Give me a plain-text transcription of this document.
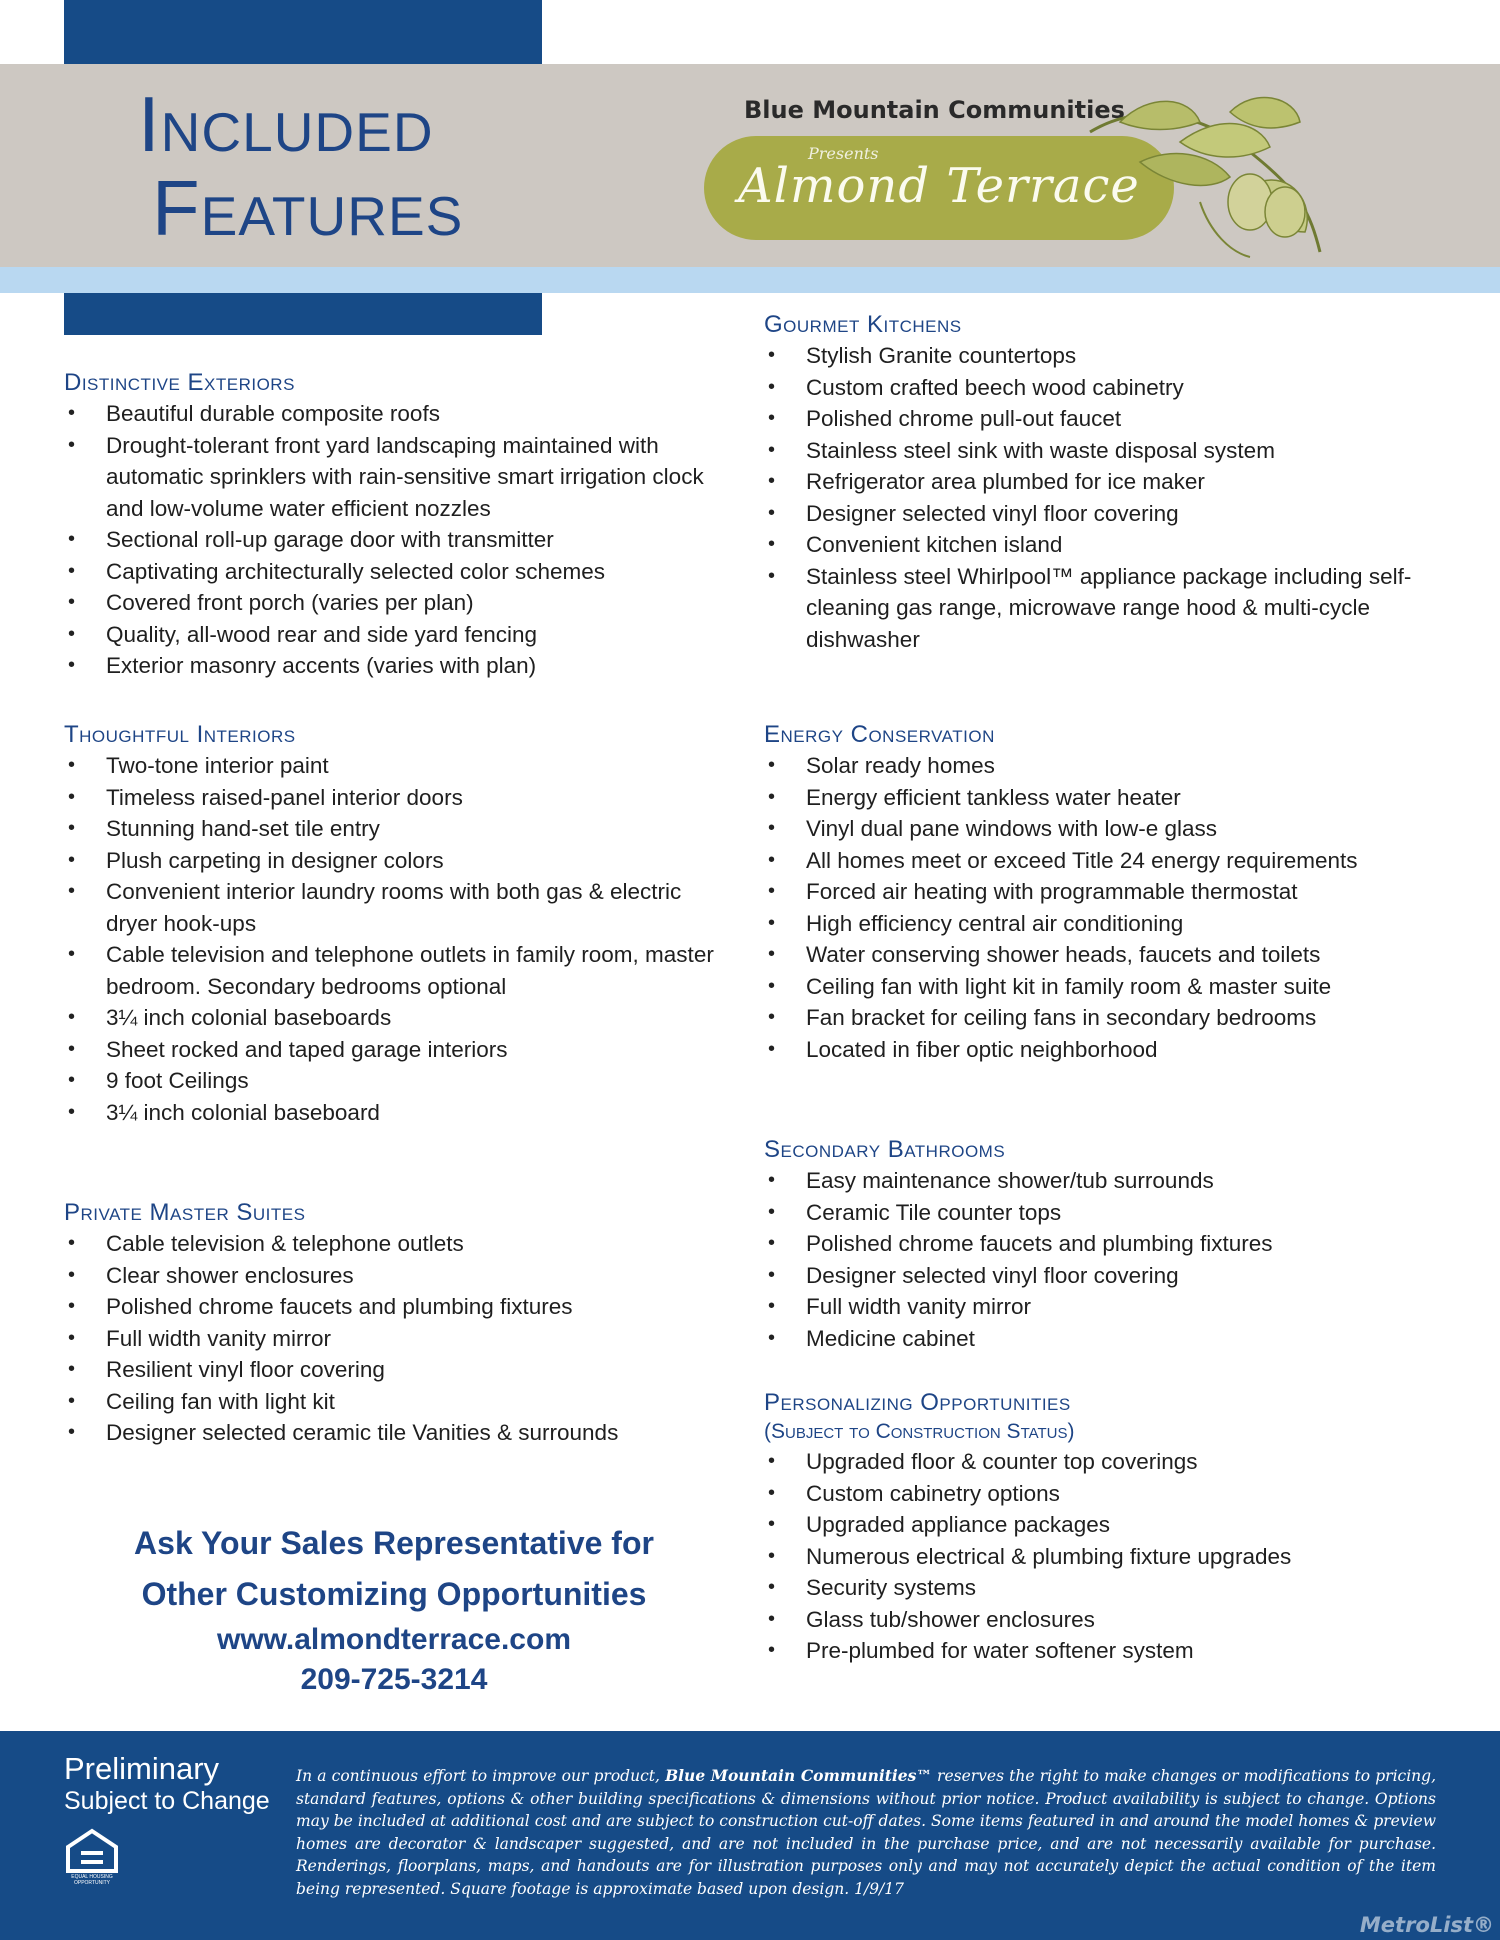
Included
Features
Blue Mountain Communities
Presents
Almond Terrace
Distinctive Exteriors
• Beautiful durable composite roofs
• Drought-tolerant front yard landscaping maintained with automatic sprinklers with rain-sensitive smart irrigation clock and low-volume water efficient nozzles
• Sectional roll-up garage door with transmitter
• Captivating architecturally selected color schemes
• Covered front porch (varies per plan)
• Quality, all-wood rear and side yard fencing
• Exterior masonry accents (varies with plan)
Thoughtful Interiors
• Two-tone interior paint
• Timeless raised-panel interior doors
• Stunning hand-set tile entry
• Plush carpeting in designer colors
• Convenient interior laundry rooms with both gas & electric dryer hook-ups
• Cable television and telephone outlets in family room, master bedroom. Secondary bedrooms optional
• 3¼ inch colonial baseboards
• Sheet rocked and taped garage interiors
• 9 foot Ceilings
• 3¼ inch colonial baseboard
Private Master Suites
• Cable television & telephone outlets
• Clear shower enclosures
• Polished chrome faucets and plumbing fixtures
• Full width vanity mirror
• Resilient vinyl floor covering
• Ceiling fan with light kit
• Designer selected ceramic tile Vanities & surrounds
Ask Your Sales Representative for
Other Customizing Opportunities
www.almondterrace.com
209-725-3214
Gourmet Kitchens
• Stylish Granite countertops
• Custom crafted beech wood cabinetry
• Polished chrome pull-out faucet
• Stainless steel sink with waste disposal system
• Refrigerator area plumbed for ice maker
• Designer selected vinyl floor covering
• Convenient kitchen island
• Stainless steel Whirlpool™ appliance package including self-cleaning gas range, microwave range hood & multi-cycle dishwasher
Energy Conservation
• Solar ready homes
• Energy efficient tankless water heater
• Vinyl dual pane windows with low-e glass
• All homes meet or exceed Title 24 energy requirements
• Forced air heating with programmable thermostat
• High efficiency central air conditioning
• Water conserving shower heads, faucets and toilets
• Ceiling fan with light kit in family room & master suite
• Fan bracket for ceiling fans in secondary bedrooms
• Located in fiber optic neighborhood
Secondary Bathrooms
• Easy maintenance shower/tub surrounds
• Ceramic Tile counter tops
• Polished chrome faucets and plumbing fixtures
• Designer selected vinyl floor covering
• Full width vanity mirror
• Medicine cabinet
Personalizing Opportunities
(Subject to Construction Status)
• Upgraded floor & counter top coverings
• Custom cabinetry options
• Upgraded appliance packages
• Numerous electrical & plumbing fixture upgrades
• Security systems
• Glass tub/shower enclosures
• Pre-plumbed for water softener system
Preliminary
Subject to Change
EQUAL HOUSING OPPORTUNITY
In a continuous effort to improve our product, Blue Mountain Communities™ reserves the right to make changes or modifications to pricing, standard features, options & other building specifications & dimensions without prior notice. Product availability is subject to change. Options may be included at additional cost and are subject to construction cut-off dates. Some items featured in and around the model homes & preview homes are decorator & landscaper suggested, and are not included in the purchase price, and are not necessarily available for purchase. Renderings, floorplans, maps, and handouts are for illustration purposes only and may not accurately depict the actual condition of the item being represented. Square footage is approximate based upon design. 1/9/17
MetroList®
